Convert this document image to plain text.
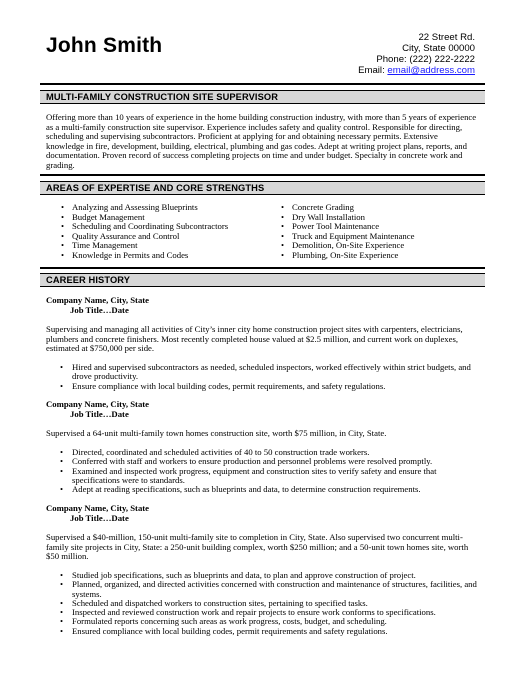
John Smith	22 Street Rd.
City, State 00000
Phone: (222) 222-2222
Email: email@address.com
MULTI-FAMILY CONSTRUCTION SITE SUPERVISOR
Offering more than 10 years of experience in the home building construction industry, with more than 5 years of experience as a multi-family construction site supervisor. Experience includes safety and quality control. Responsible for directing, scheduling and supervising subcontractors. Proficient at applying for and obtaining necessary permits. Extensive knowledge in fire, development, building, electrical, plumbing and gas codes. Adept at writing project plans, reports, and documentation. Proven record of success completing projects on time and under budget. Specialty in concrete work and grading.
AREAS OF EXPERTISE AND CORE STRENGTHS
• Analyzing and Assessing Blueprints
• Budget Management
• Scheduling and Coordinating Subcontractors
• Quality Assurance and Control
• Time Management
• Knowledge in Permits and Codes
• Concrete Grading
• Dry Wall Installation
• Power Tool Maintenance
• Truck and Equipment Maintenance
• Demolition, On-Site Experience
• Plumbing, On-Site Experience
CAREER HISTORY
Company Name, City, State
Job Title…Date
Supervising and managing all activities of City’s inner city home construction project sites with carpenters, electricians, plumbers and concrete finishers. Most recently completed house valued at $2.5 million, and current work on duplexes, estimated at $750,000 per side.
• Hired and supervised subcontractors as needed, scheduled inspectors, worked effectively within strict budgets, and drove productivity.
• Ensure compliance with local building codes, permit requirements, and safety regulations.
Company Name, City, State
Job Title…Date
Supervised a 64-unit multi-family town homes construction site, worth $75 million, in City, State.
• Directed, coordinated and scheduled activities of 40 to 50 construction trade workers.
• Conferred with staff and workers to ensure production and personnel problems were resolved promptly.
• Examined and inspected work progress, equipment and construction sites to verify safety and ensure that specifications were to standards.
• Adept at reading specifications, such as blueprints and data, to determine construction requirements.
Company Name, City, State
Job Title…Date
Supervised a $40-million, 150-unit multi-family site to completion in City, State. Also supervised two concurrent multi-family site projects in City, State: a 250-unit building complex, worth $250 million; and a 50-unit town homes site, worth $50 million.
• Studied job specifications, such as blueprints and data, to plan and approve construction of project.
• Planned, organized, and directed activities concerned with construction and maintenance of structures, facilities, and systems.
• Scheduled and dispatched workers to construction sites, pertaining to specified tasks.
• Inspected and reviewed construction work and repair projects to ensure work conforms to specifications.
• Formulated reports concerning such areas as work progress, costs, budget, and scheduling.
• Ensured compliance with local building codes, permit requirements and safety regulations.
